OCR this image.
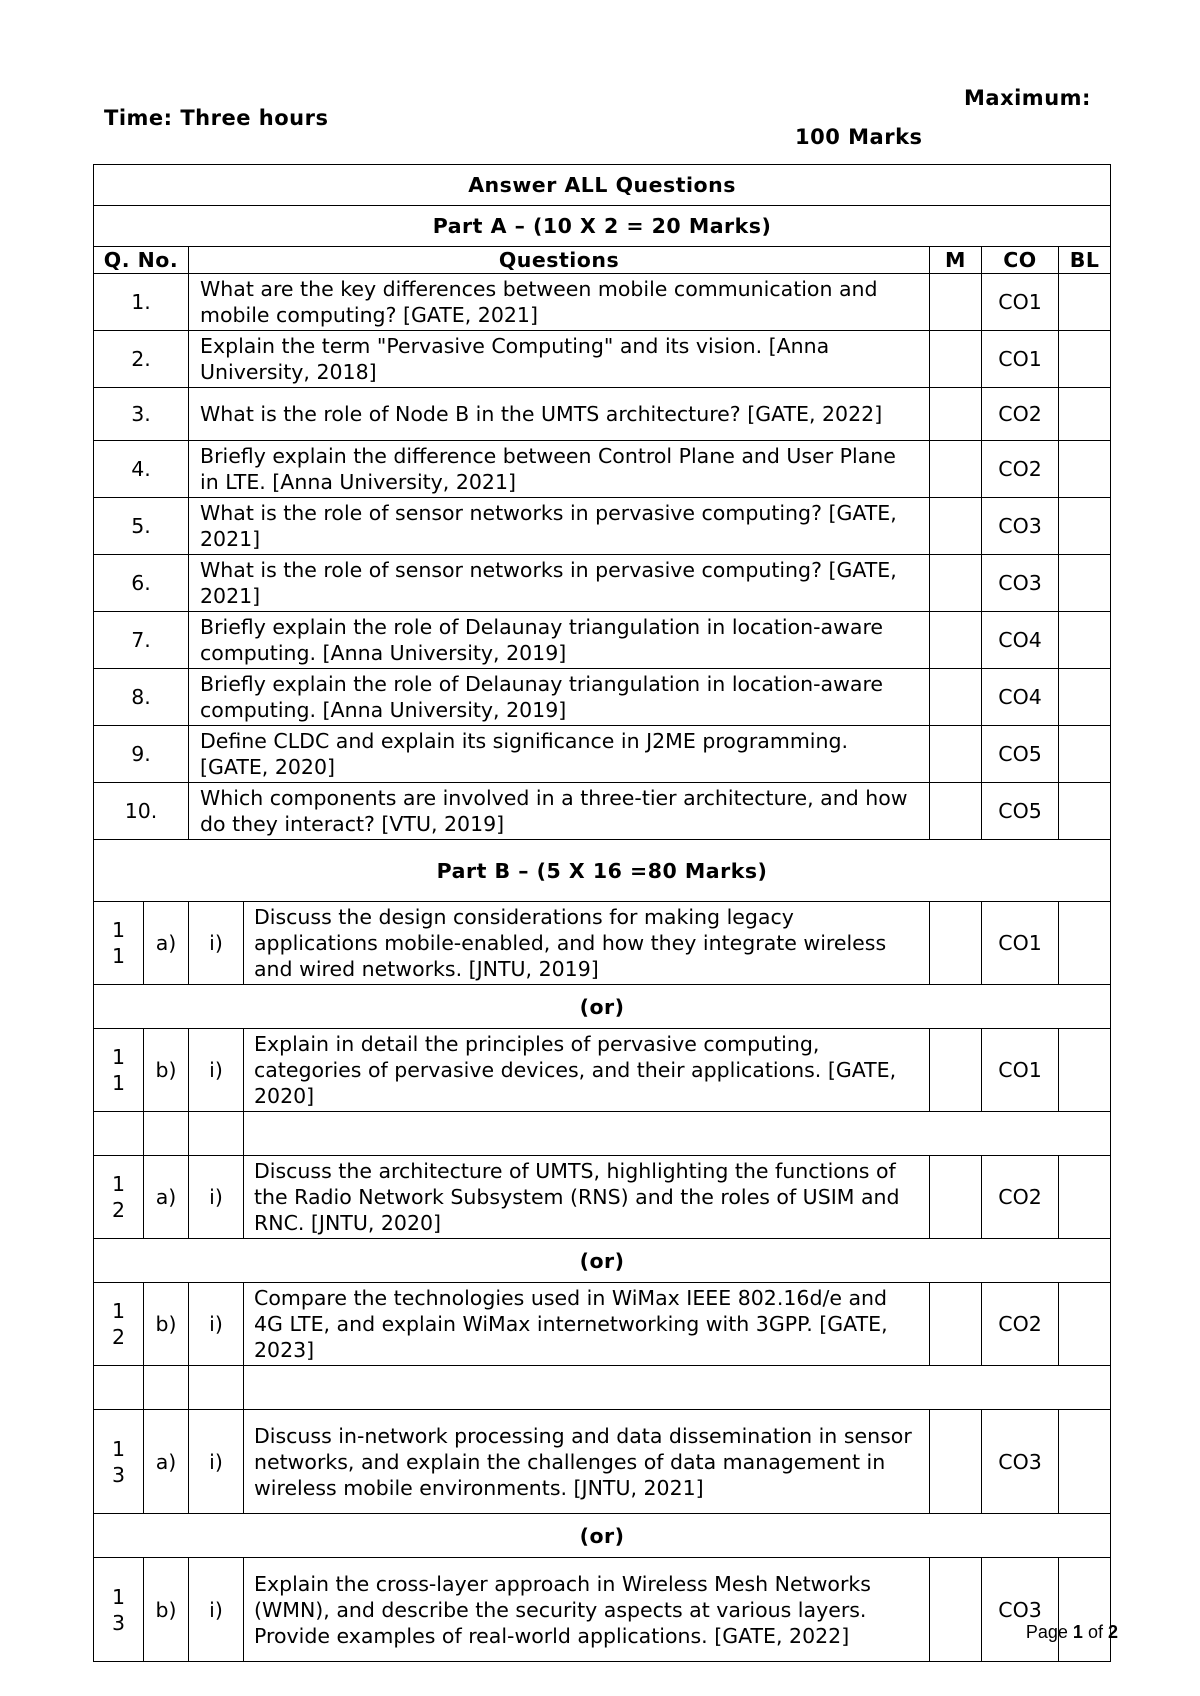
Time: Three hours
Maximum:
100 Marks
Answer ALL Questions						
Part A – (10 X 2 = 20 Marks)						
Q. No.		Questions		M	CO	BL
1.		What are the key differences between mobile communication and mobile computing? [GATE, 2021]			CO1	
2.		Explain the term "Pervasive Computing" and its vision. [Anna University, 2018]			CO1	
3.		What is the role of Node B in the UMTS architecture? [GATE, 2022]			CO2	
4.		Briefly explain the difference between Control Plane and User Plane in LTE. [Anna University, 2021]			CO2	
5.		What is the role of sensor networks in pervasive computing? [GATE, 2021]			CO3	
6.		What is the role of sensor networks in pervasive computing? [GATE, 2021]			CO3	
7.		Briefly explain the role of Delaunay triangulation in location-aware computing. [Anna University, 2019]			CO4	
8.		Briefly explain the role of Delaunay triangulation in location-aware computing. [Anna University, 2019]			CO4	
9.		Define CLDC and explain its significance in J2ME programming. [GATE, 2020]			CO5	
10.		Which components are involved in a three-tier architecture, and how do they interact? [VTU, 2019]			CO5	
Part B – (5 X 16 =80 Marks)						
1
1	a)	i)	Discuss the design considerations for making legacy applications mobile-enabled, and how they integrate wireless and wired networks. [JNTU, 2019]		CO1	
(or)						
1
1	b)	i)	Explain in detail the principles of pervasive computing, categories of pervasive devices, and their applications. [GATE, 2020]		CO1	

1
2	a)	i)	Discuss the architecture of UMTS, highlighting the functions of the Radio Network Subsystem (RNS) and the roles of USIM and RNC. [JNTU, 2020]		CO2	
(or)						
1
2	b)	i)	Compare the technologies used in WiMax IEEE 802.16d/e and 4G LTE, and explain WiMax internetworking with 3GPP. [GATE, 2023]		CO2	

1
3	a)	i)	Discuss in-network processing and data dissemination in sensor networks, and explain the challenges of data management in wireless mobile environments. [JNTU, 2021]		CO3	
(or)						
1
3	b)	i)	Explain the cross-layer approach in Wireless Mesh Networks (WMN), and describe the security aspects at various layers. Provide examples of real-world applications. [GATE, 2022]		CO3	
Page 1 of 2
